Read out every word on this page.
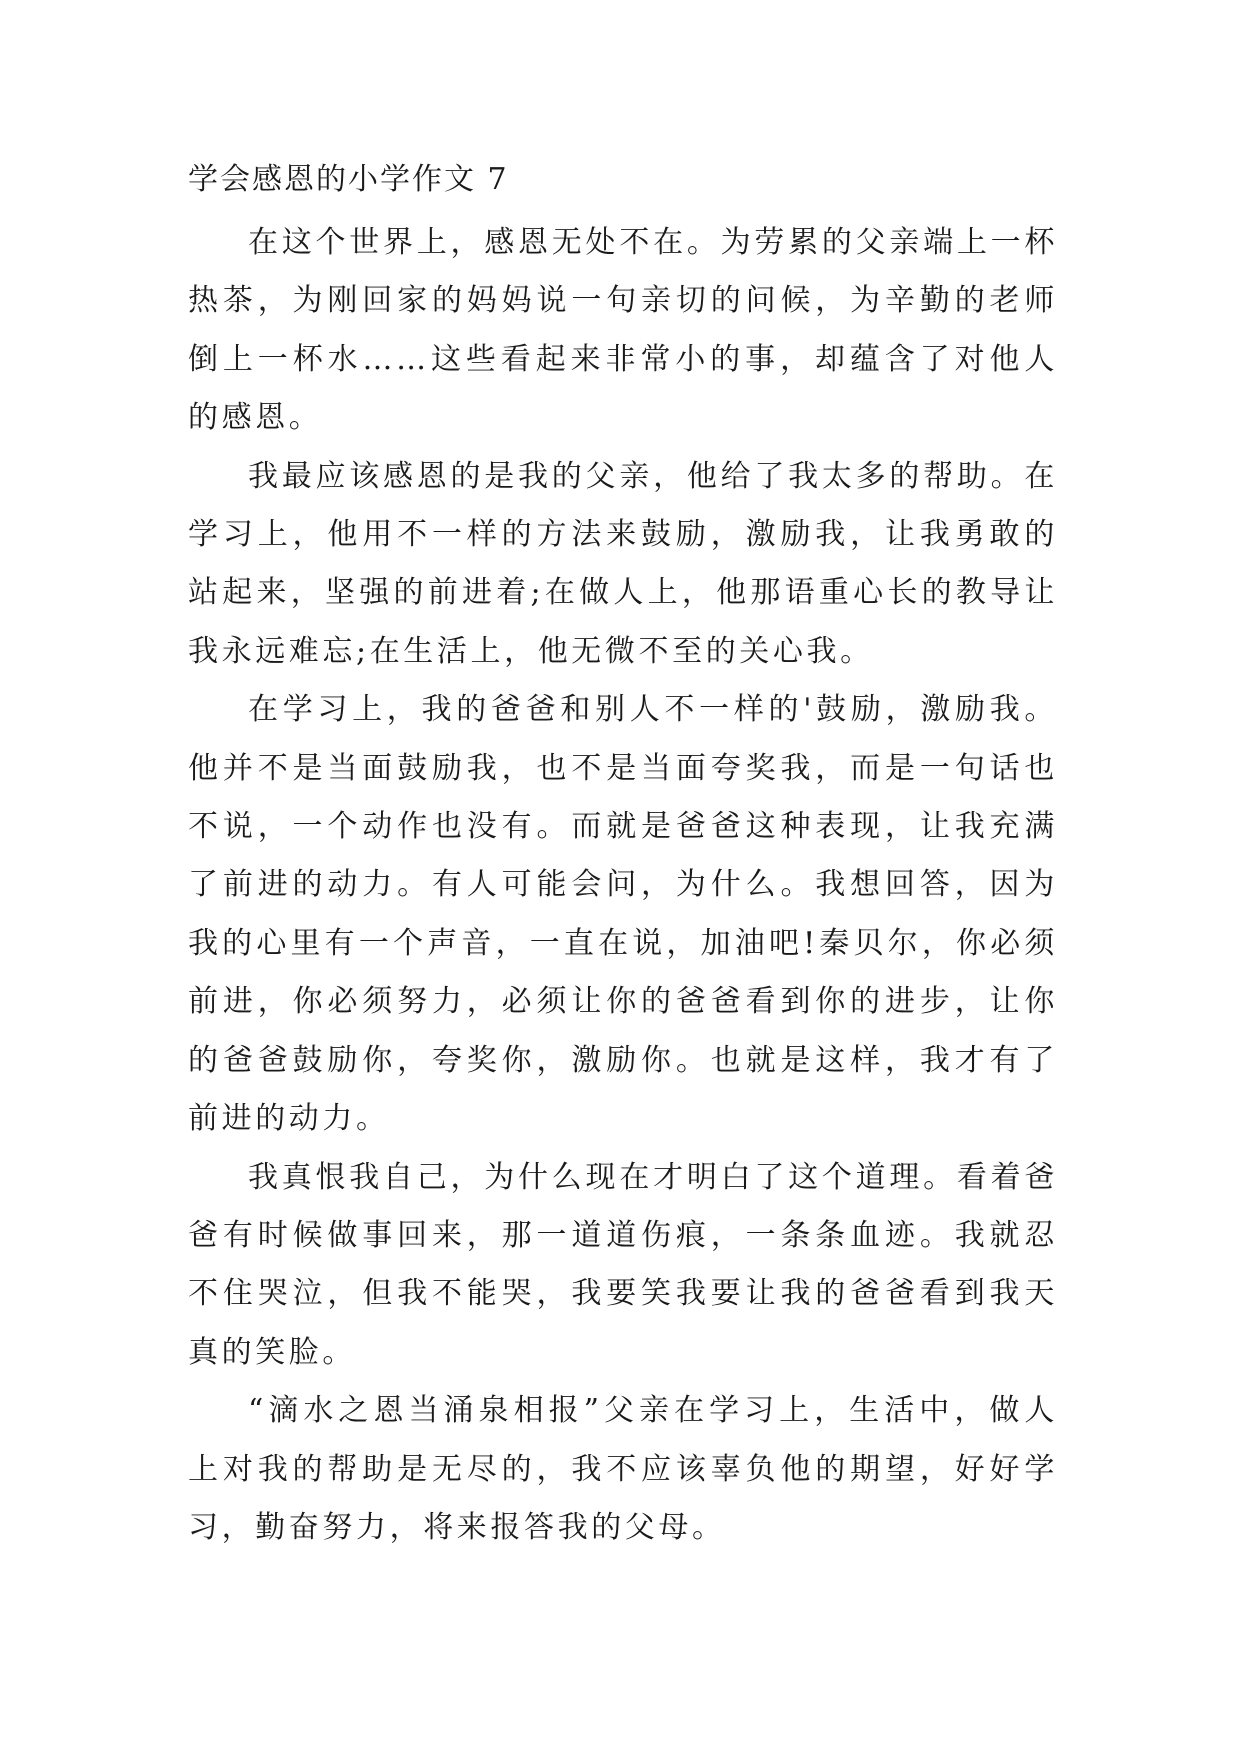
学会感恩的小学作文 7

在这个世界上，感恩无处不在。为劳累的父亲端上一杯热茶，为刚回家的妈妈说一句亲切的问候，为辛勤的老师倒上一杯水……这些看起来非常小的事，却蕴含了对他人的感恩。

我最应该感恩的是我的父亲，他给了我太多的帮助。在学习上，他用不一样的方法来鼓励，激励我，让我勇敢的站起来，坚强的前进着;在做人上，他那语重心长的教导让我永远难忘;在生活上，他无微不至的关心我。

在学习上，我的爸爸和别人不一样的'鼓励，激励我。他并不是当面鼓励我，也不是当面夸奖我，而是一句话也不说，一个动作也没有。而就是爸爸这种表现，让我充满了前进的动力。有人可能会问，为什么。我想回答，因为我的心里有一个声音，一直在说，加油吧!秦贝尔，你必须前进，你必须努力，必须让你的爸爸看到你的进步，让你的爸爸鼓励你，夸奖你，激励你。也就是这样，我才有了前进的动力。

我真恨我自己，为什么现在才明白了这个道理。看着爸爸有时候做事回来，那一道道伤痕，一条条血迹。我就忍不住哭泣，但我不能哭，我要笑我要让我的爸爸看到我天真的笑脸。

“滴水之恩当涌泉相报”父亲在学习上，生活中，做人上对我的帮助是无尽的，我不应该辜负他的期望，好好学习，勤奋努力，将来报答我的父母。
